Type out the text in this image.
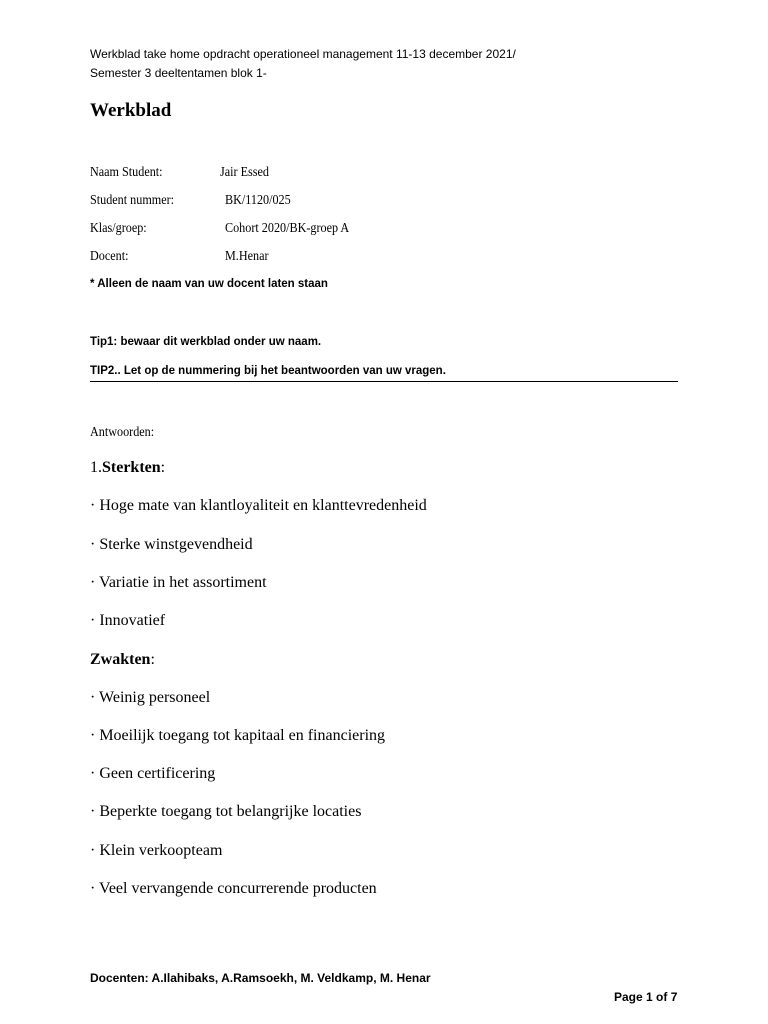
Werkblad take home opdracht operationeel management 11-13 december 2021/
Semester 3 deeltentamen blok 1-
Werkblad
Naam Student:	Jair Essed
Student nummer:	BK/1120/025
Klas/groep:	Cohort 2020/BK-groep A
Docent:	M.Henar
* Alleen de naam van uw docent laten staan
Tip1: bewaar dit werkblad onder uw naam.
TIP2.. Let op de nummering bij het beantwoorden van uw vragen.
Antwoorden:
1.Sterkten:
· Hoge mate van klantloyaliteit en klanttevredenheid
· Sterke winstgevendheid
· Variatie in het assortiment
· Innovatief
Zwakten:
· Weinig personeel
· Moeilijk toegang tot kapitaal en financiering
· Geen certificering
· Beperkte toegang tot belangrijke locaties
· Klein verkoopteam
· Veel vervangende concurrerende producten
Docenten: A.Ilahibaks, A.Ramsoekh, M. Veldkamp, M. Henar
Page 1 of 7
